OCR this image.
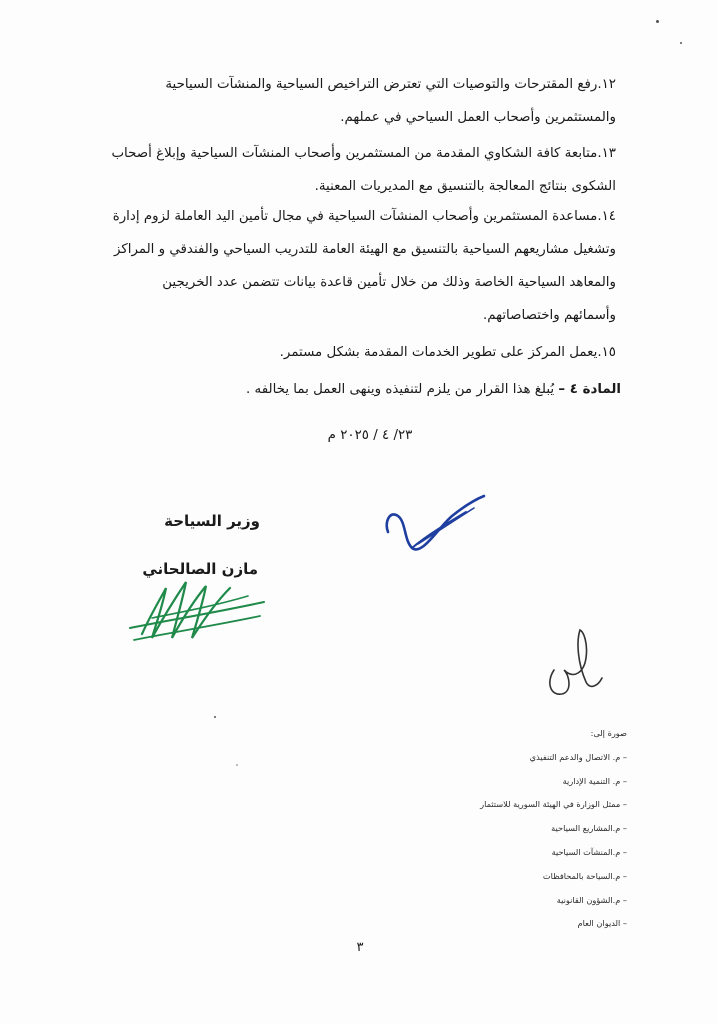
١٢.رفع المقترحات والتوصيات التي تعترض التراخيص السياحية والمنشآت السياحية

والمستثمرين وأصحاب العمل السياحي في عملهم.

١٣.متابعة كافة الشكاوي المقدمة من المستثمرين وأصحاب المنشآت السياحية وإبلاغ أصحاب

الشكوى بنتائج المعالجة بالتنسيق مع المديريات المعنية.

١٤.مساعدة المستثمرين وأصحاب المنشآت السياحية في مجال تأمين اليد العاملة لزوم إدارة

وتشغيل مشاريعهم السياحية بالتنسيق مع الهيئة العامة للتدريب السياحي والفندقي و المراكز

والمعاهد السياحية الخاصة وذلك من خلال تأمين قاعدة بيانات تتضمن عدد الخريجين

وأسمائهم واختصاصاتهم.

١٥.يعمل المركز على تطوير الخدمات المقدمة بشكل مستمر.

المادة ٤ – يُبلغ هذا القرار من يلزم لتنفيذه وينهى العمل بما يخالفه .
٢٣/ ٤ / ٢٠٢٥ م
وزير السياحة
مازن الصالحاني
صورة إلى:
– م. الاتصال والدعم التنفيذي
– م. التنمية الإدارية
– ممثل الوزارة في الهيئة السورية للاستثمار
– م.المشاريع السياحية
– م.المنشآت السياحية
– م.السياحة بالمحافظات
– م.الشؤون القانونية
– الديوان العام
٣
